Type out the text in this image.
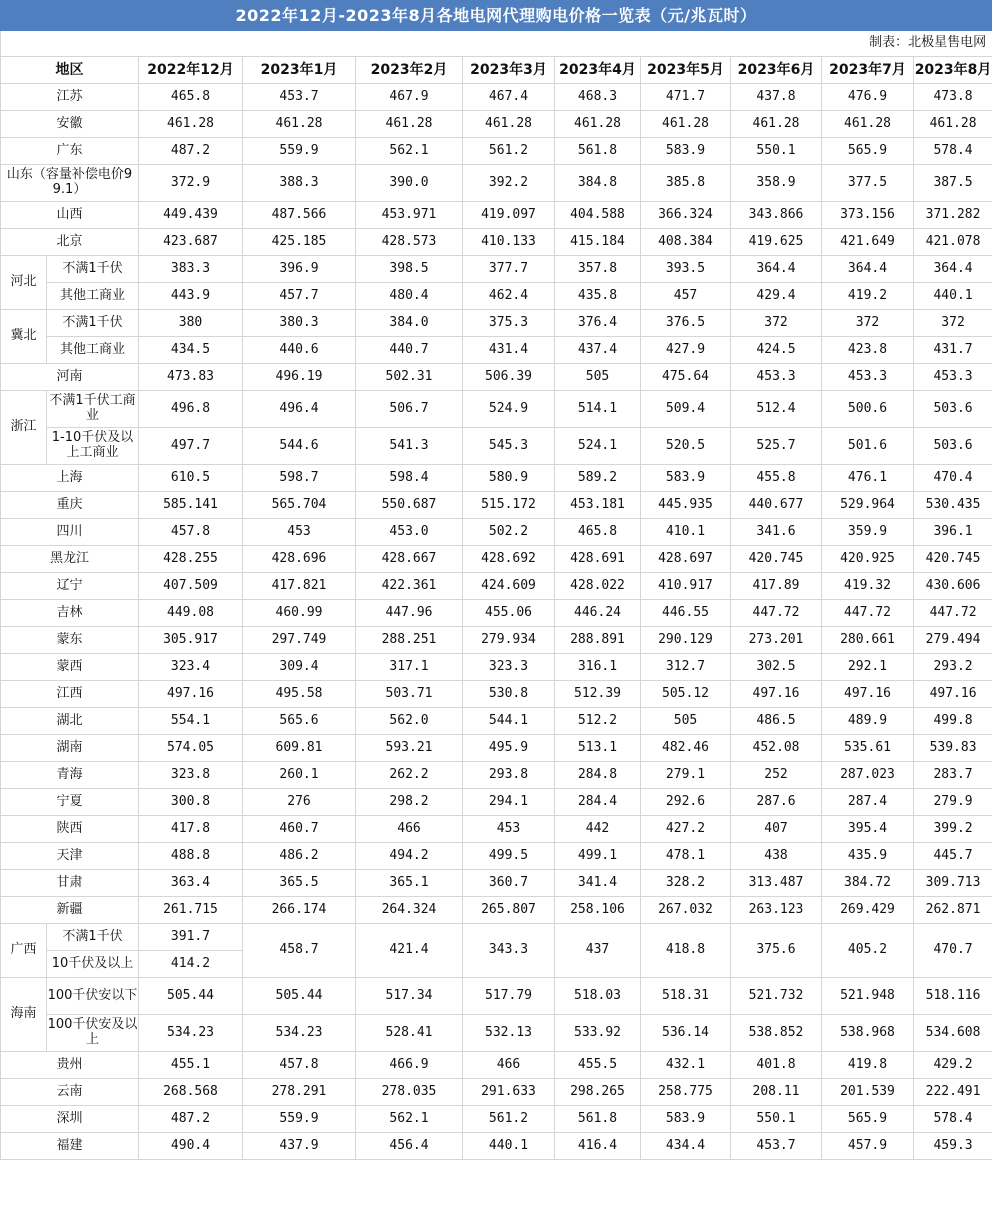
2022年12月-2023年8月各地电网代理购电价格一览表（元/兆瓦时）
制表：北极星售电网										
地区		2022年12月	2023年1月	2023年2月	2023年3月	2023年4月	2023年5月	2023年6月	2023年7月	2023年8月
江苏		465.8	453.7	467.9	467.4	468.3	471.7	437.8	476.9	473.8
安徽		461.28	461.28	461.28	461.28	461.28	461.28	461.28	461.28	461.28
广东		487.2	559.9	562.1	561.2	561.8	583.9	550.1	565.9	578.4
山东（容量补偿电价99.1）		372.9	388.3	390.0	392.2	384.8	385.8	358.9	377.5	387.5
山西		449.439	487.566	453.971	419.097	404.588	366.324	343.866	373.156	371.282
北京		423.687	425.185	428.573	410.133	415.184	408.384	419.625	421.649	421.078
河北	不满1千伏	383.3	396.9	398.5	377.7	357.8	393.5	364.4	364.4	364.4
	其他工商业	443.9	457.7	480.4	462.4	435.8	457	429.4	419.2	440.1
冀北	不满1千伏	380	380.3	384.0	375.3	376.4	376.5	372	372	372
	其他工商业	434.5	440.6	440.7	431.4	437.4	427.9	424.5	423.8	431.7
河南		473.83	496.19	502.31	506.39	505	475.64	453.3	453.3	453.3
浙江	不满1千伏工商业	496.8	496.4	506.7	524.9	514.1	509.4	512.4	500.6	503.6
	1-10千伏及以上工商业	497.7	544.6	541.3	545.3	524.1	520.5	525.7	501.6	503.6
上海		610.5	598.7	598.4	580.9	589.2	583.9	455.8	476.1	470.4
重庆		585.141	565.704	550.687	515.172	453.181	445.935	440.677	529.964	530.435
四川		457.8	453	453.0	502.2	465.8	410.1	341.6	359.9	396.1
黑龙江		428.255	428.696	428.667	428.692	428.691	428.697	420.745	420.925	420.745
辽宁		407.509	417.821	422.361	424.609	428.022	410.917	417.89	419.32	430.606
吉林		449.08	460.99	447.96	455.06	446.24	446.55	447.72	447.72	447.72
蒙东		305.917	297.749	288.251	279.934	288.891	290.129	273.201	280.661	279.494
蒙西		323.4	309.4	317.1	323.3	316.1	312.7	302.5	292.1	293.2
江西		497.16	495.58	503.71	530.8	512.39	505.12	497.16	497.16	497.16
湖北		554.1	565.6	562.0	544.1	512.2	505	486.5	489.9	499.8
湖南		574.05	609.81	593.21	495.9	513.1	482.46	452.08	535.61	539.83
青海		323.8	260.1	262.2	293.8	284.8	279.1	252	287.023	283.7
宁夏		300.8	276	298.2	294.1	284.4	292.6	287.6	287.4	279.9
陕西		417.8	460.7	466	453	442	427.2	407	395.4	399.2
天津		488.8	486.2	494.2	499.5	499.1	478.1	438	435.9	445.7
甘肃		363.4	365.5	365.1	360.7	341.4	328.2	313.487	384.72	309.713
新疆		261.715	266.174	264.324	265.807	258.106	267.032	263.123	269.429	262.871
广西	不满1千伏	391.7	458.7	421.4	343.3	437	418.8	375.6	405.2	470.7
	10千伏及以上	414.2								
海南	100千伏安以下	505.44	505.44	517.34	517.79	518.03	518.31	521.732	521.948	518.116
	100千伏安及以上	534.23	534.23	528.41	532.13	533.92	536.14	538.852	538.968	534.608
贵州		455.1	457.8	466.9	466	455.5	432.1	401.8	419.8	429.2
云南		268.568	278.291	278.035	291.633	298.265	258.775	208.11	201.539	222.491
深圳		487.2	559.9	562.1	561.2	561.8	583.9	550.1	565.9	578.4
福建		490.4	437.9	456.4	440.1	416.4	434.4	453.7	457.9	459.3
